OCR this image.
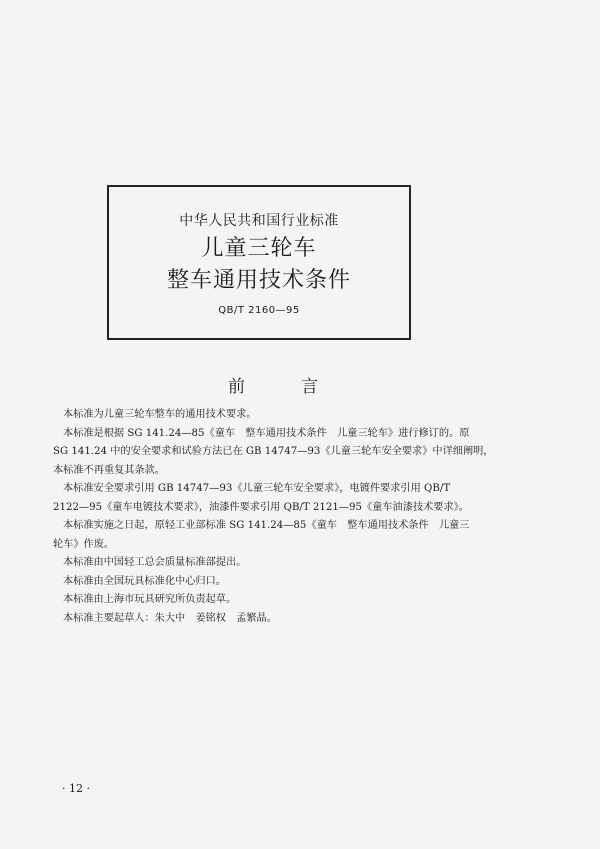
中华人民共和国行业标准
儿童三轮车
整车通用技术条件
QB/T 2160—95
前	言
本标准为儿童三轮车整车的通用技术要求。
本标准是根据 SG 141.24—85《童车　整车通用技术条件　儿童三轮车》进行修订的。原
SG 141.24 中的安全要求和试验方法已在 GB 14747—93《儿童三轮车安全要求》中详细阐明，
本标准不再重复其条款。
本标准安全要求引用 GB 14747—93《儿童三轮车安全要求》，电镀件要求引用 QB/T
2122—95《童车电镀技术要求》，油漆件要求引用 QB/T 2121—95《童车油漆技术要求》。
本标准实施之日起，原轻工业部标准 SG 141.24—85《童车　整车通用技术条件　儿童三
轮车》作废。
本标准由中国轻工总会质量标准部提出。
本标准由全国玩具标准化中心归口。
本标准由上海市玩具研究所负责起草。
本标准主要起草人：朱大中　姜铭权　孟繁晶。
· 12 ·
